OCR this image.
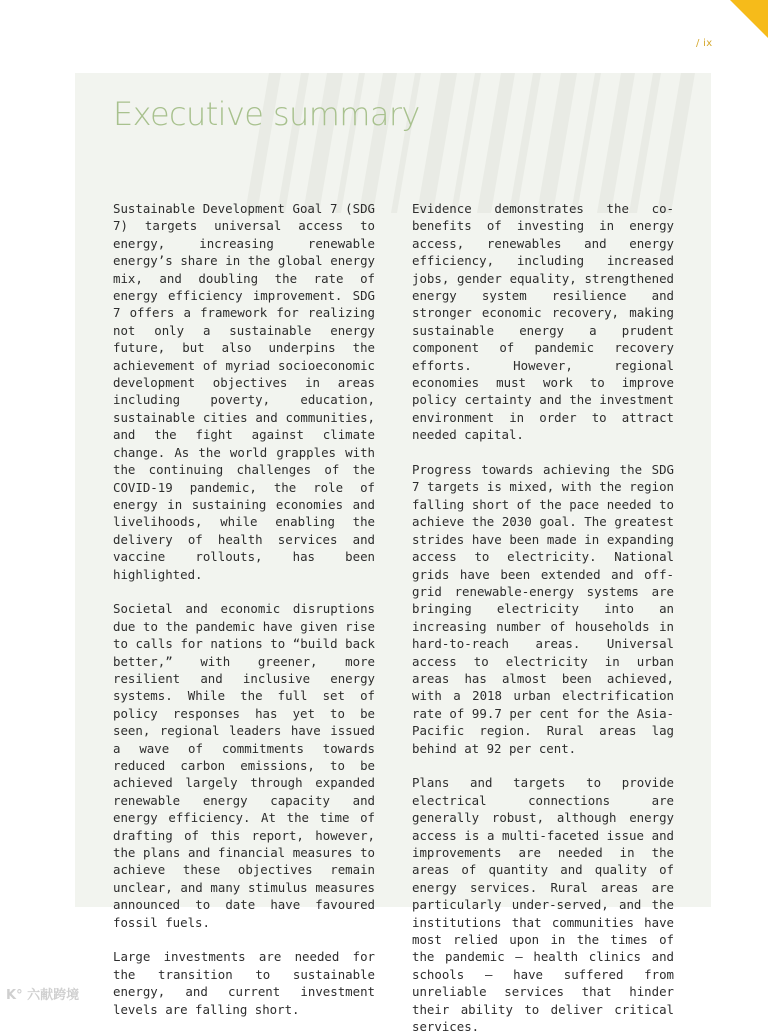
/ ix
Executive summary

Sustainable Development Goal 7 (SDG 7) targets universal access to energy, increasing renewable energy’s share in the global energy mix, and doubling the rate of energy efficiency improvement. SDG 7 offers a framework for realizing not only a sustainable energy future, but also underpins the achievement of myriad socioeconomic development objectives in areas including poverty, education, sustainable cities and communities, and the fight against climate change. As the world grapples with the continuing challenges of the COVID-19 pandemic, the role of energy in sustaining economies and livelihoods, while enabling the delivery of health services and vaccine rollouts, has been highlighted.

Societal and economic disruptions due to the pandemic have given rise to calls for nations to “build back better,” with greener, more resilient and inclusive energy systems. While the full set of policy responses has yet to be seen, regional leaders have issued a wave of commitments towards reduced carbon emissions, to be achieved largely through expanded renewable energy capacity and energy efficiency. At the time of drafting of this report, however, the plans and financial measures to achieve these objectives remain unclear, and many stimulus measures announced to date have favoured fossil fuels.

Large investments are needed for the transition to sustainable energy, and current investment levels are falling short.

Evidence demonstrates the co-benefits of investing in energy access, renewables and energy efficiency, including increased jobs, gender equality, strengthened energy system resilience and stronger economic recovery, making sustainable energy a prudent component of pandemic recovery efforts. However, regional economies must work to improve policy certainty and the investment environment in order to attract needed capital.

Progress towards achieving the SDG 7 targets is mixed, with the region falling short of the pace needed to achieve the 2030 goal. The greatest strides have been made in expanding access to electricity. National grids have been extended and off-grid renewable-energy systems are bringing electricity into an increasing number of households in hard-to-reach areas. Universal access to electricity in urban areas has almost been achieved, with a 2018 urban electrification rate of 99.7 per cent for the Asia-Pacific region. Rural areas lag behind at 92 per cent.

Plans and targets to provide electrical connections are generally robust, although energy access is a multi-faceted issue and improvements are needed in the areas of quantity and quality of energy services. Rural areas are particularly under-served, and the institutions that communities have most relied upon in the times of the pandemic – health clinics and schools – have suffered from unreliable services that hinder their ability to deliver critical services.

K° 六献跨境
